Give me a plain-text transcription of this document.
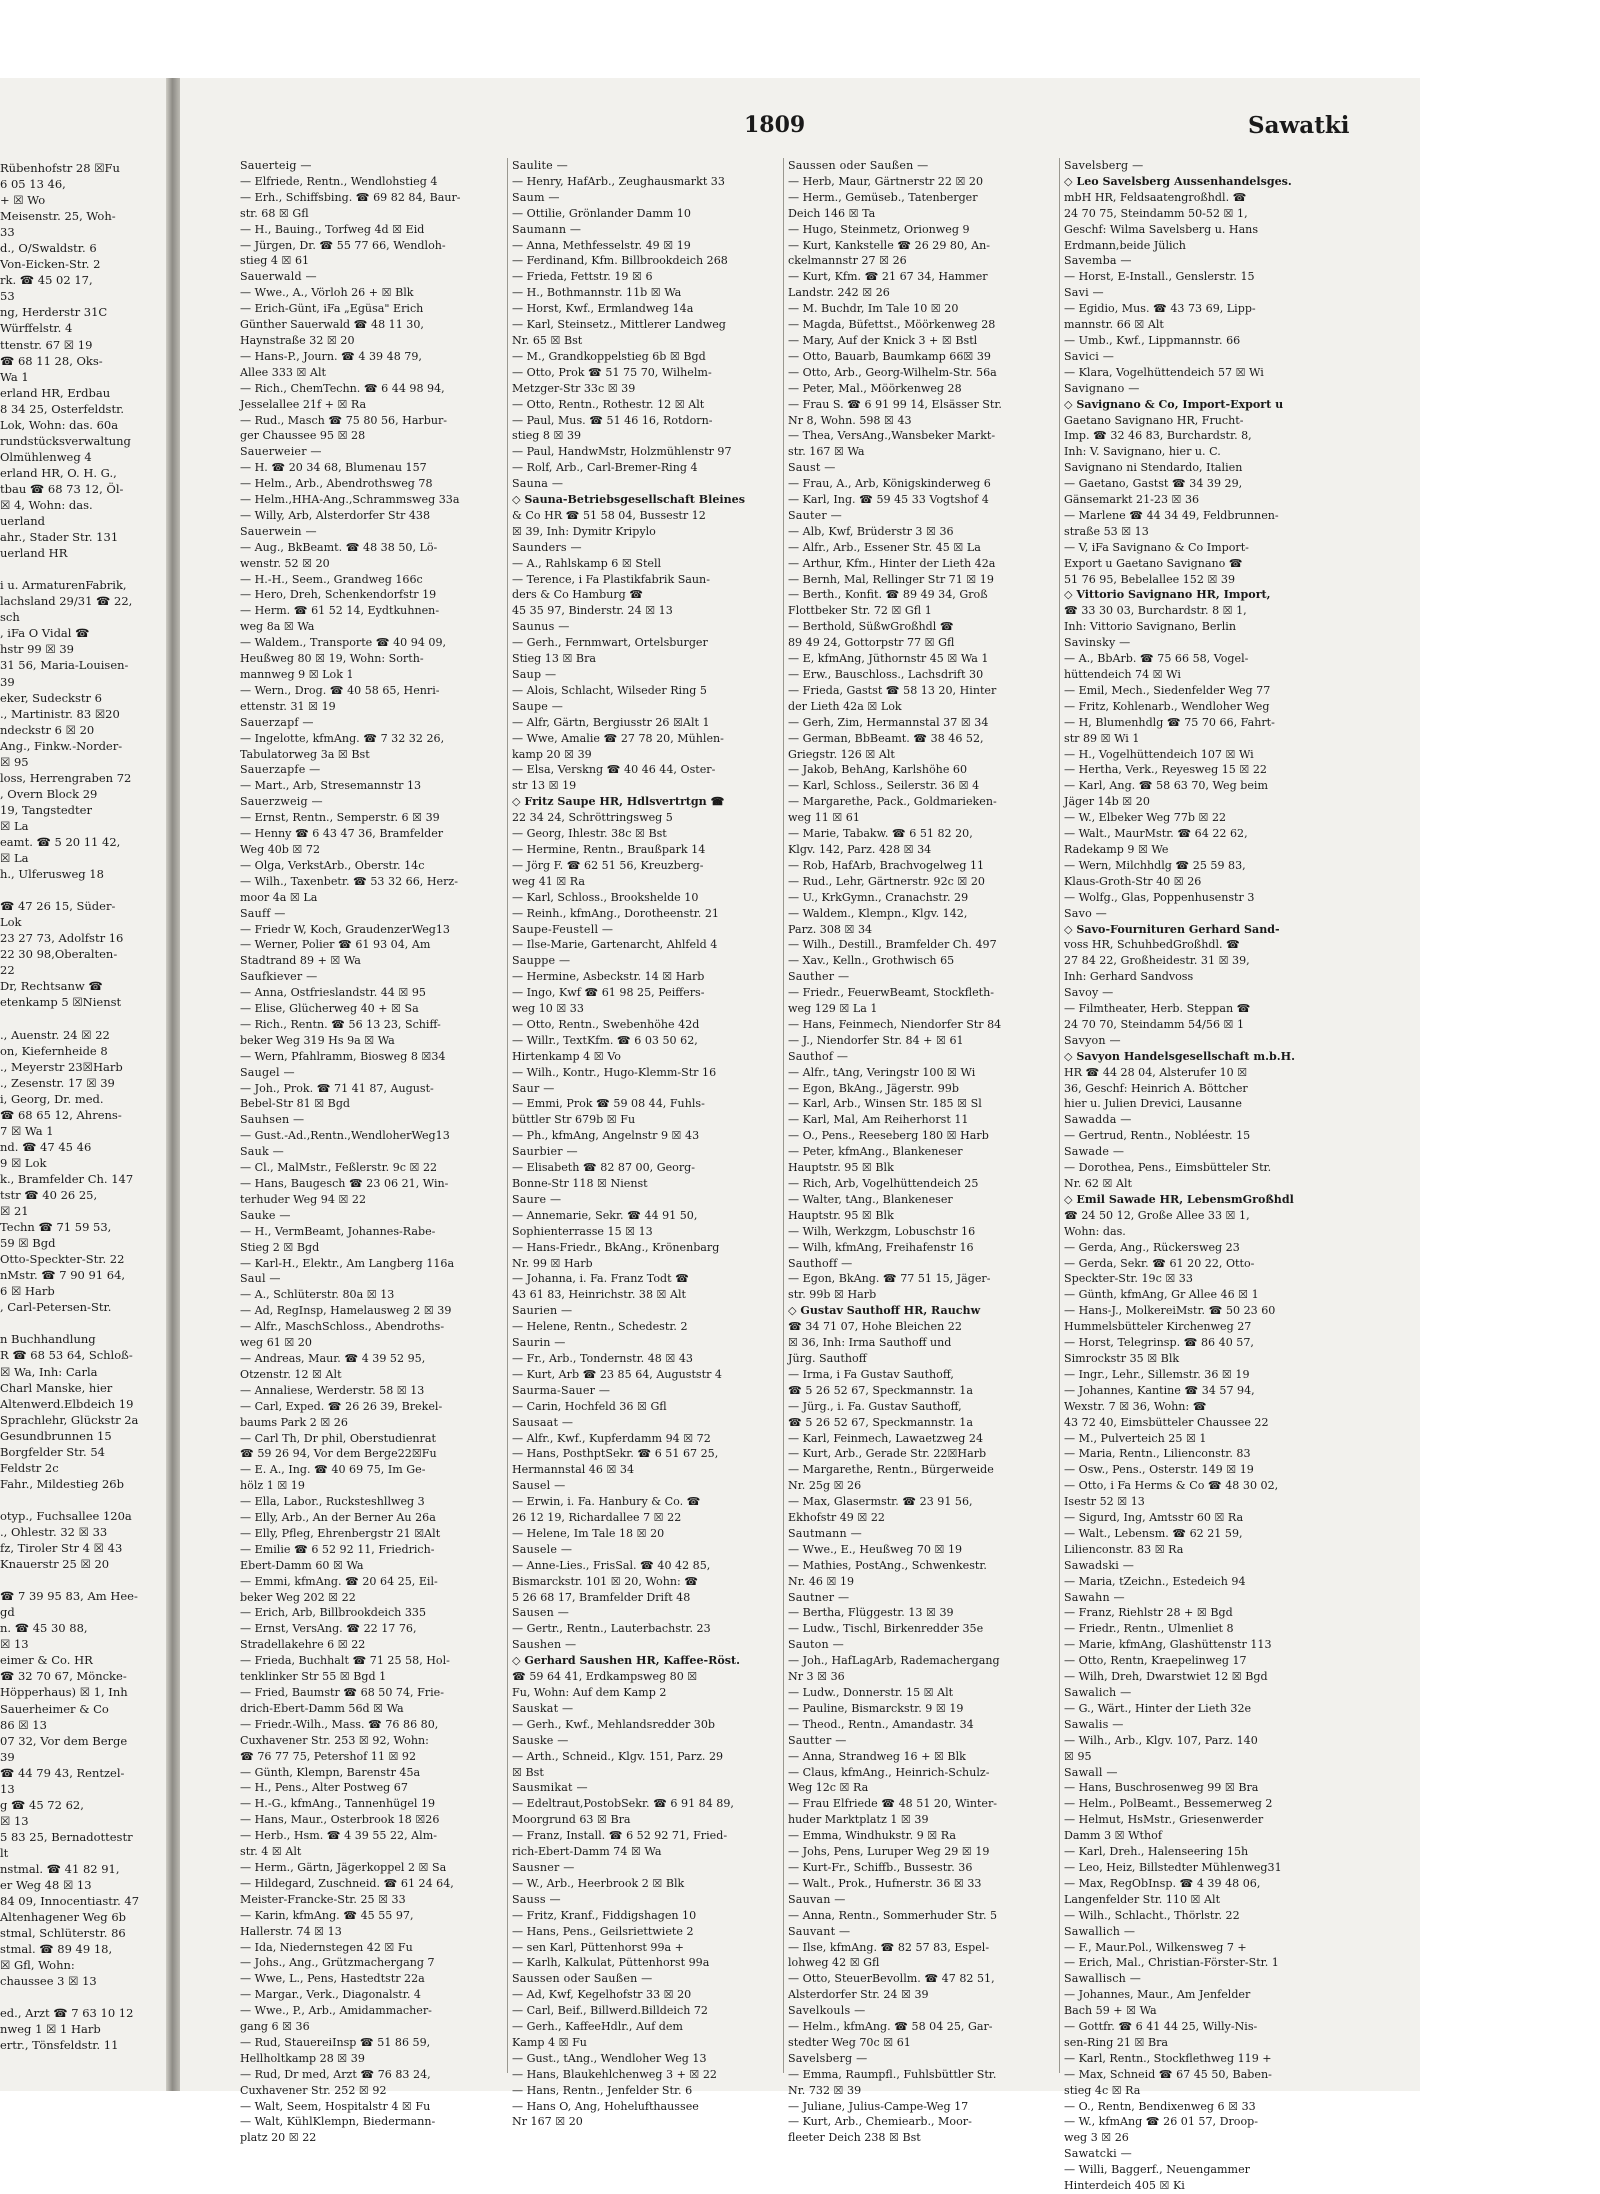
Rübenhofstr 28 ☒Fu
6 05 13 46,
+ ☒ Wo
Meisenstr. 25, Woh-
33
d., O/Swaldstr. 6
Von-Eicken-Str. 2
rk. ☎ 45 02 17,
53
ng, Herderstr 31C
Würffelstr. 4
ttenstr. 67 ☒ 19
☎ 68 11 28, Oks-
Wa 1
erland HR, Erdbau
8 34 25, Osterfeldstr.
Lok, Wohn: das. 60a
rundstücksverwaltung
Olmühlenweg 4
erland HR, O. H. G.,
tbau ☎ 68 73 12, Öl-
☒ 4, Wohn: das.
uerland
ahr., Stader Str. 131
uerland HR

i u. ArmaturenFabrik,
lachsland 29/31 ☎ 22,
sch
, iFa O Vidal ☎
hstr 99 ☒ 39
31 56, Maria-Louisen-
39
eker, Sudeckstr 6
., Martinistr. 83 ☒20
ndeckstr 6 ☒ 20
Ang., Finkw.-Norder-
☒ 95
loss, Herrengraben 72
, Overn Block 29
19, Tangstedter
☒ La
eamt. ☎ 5 20 11 42,
☒ La
h., Ulferusweg 18

☎ 47 26 15, Süder-
Lok
23 27 73, Adolfstr 16
22 30 98,Oberalten-
22
Dr, Rechtsanw ☎
etenkamp 5 ☒Nienst

., Auenstr. 24 ☒ 22
on, Kiefernheide 8
., Meyerstr 23☒Harb
., Zesenstr. 17 ☒ 39
i, Georg, Dr. med.
☎ 68 65 12, Ahrens-
7 ☒ Wa 1
nd. ☎ 47 45 46
9 ☒ Lok
k., Bramfelder Ch. 147
tstr ☎ 40 26 25,
☒ 21
Techn ☎ 71 59 53,
59 ☒ Bgd
Otto-Speckter-Str. 22
nMstr. ☎ 7 90 91 64,
6 ☒ Harb
, Carl-Petersen-Str.

n Buchhandlung
R ☎ 68 53 64, Schloß-
☒ Wa, Inh: Carla
Charl Manske, hier
Altenwerd.Elbdeich 19
Sprachlehr, Glückstr 2a
Gesundbrunnen 15
Borgfelder Str. 54
Feldstr 2c
Fahr., Mildestieg 26b

otyp., Fuchsallee 120a
., Ohlestr. 32 ☒ 33
fz, Tiroler Str 4 ☒ 43
Knauerstr 25 ☒ 20

☎ 7 39 95 83, Am Hee-
gd
n. ☎ 45 30 88,
☒ 13
eimer & Co. HR
☎ 32 70 67, Möncke-
Höpperhaus) ☒ 1, Inh
Sauerheimer & Co
86 ☒ 13
07 32, Vor dem Berge
39
☎ 44 79 43, Rentzel-
13
g ☎ 45 72 62,
☒ 13
5 83 25, Bernadottestr
lt
nstmal. ☎ 41 82 91,
er Weg 48 ☒ 13
84 09, Innocentiastr. 47
Altenhagener Weg 6b
stmal, Schlüterstr. 86
stmal. ☎ 89 49 18,
☒ Gfl, Wohn:
chaussee 3 ☒ 13

ed., Arzt ☎ 7 63 10 12
nweg 1 ☒ 1 Harb
ertr., Tönsfeldstr. 11
1809	Sawatki
Sauerteig —
— Elfriede, Rentn., Wendlohstieg 4
— Erh., Schiffsbing. ☎ 69 82 84, Baur-
str. 68 ☒ Gfl
— H., Bauing., Torfweg 4d ☒ Eid
— Jürgen, Dr. ☎ 55 77 66, Wendloh-
stieg 4 ☒ 61
Sauerwald —
— Wwe., A., Vörloh 26 + ☒ Blk
— Erich-Günt, iFa „Egüsa" Erich
Günther Sauerwald ☎ 48 11 30,
Haynstraße 32 ☒ 20
— Hans-P., Journ. ☎ 4 39 48 79,
Allee 333 ☒ Alt
— Rich., ChemTechn. ☎ 6 44 98 94,
Jesselallee 21f + ☒ Ra
— Rud., Masch ☎ 75 80 56, Harbur-
ger Chaussee 95 ☒ 28
Sauerweier —
— H. ☎ 20 34 68, Blumenau 157
— Helm., Arb., Abendrothsweg 78
— Helm.,HHA-Ang.,Schrammsweg 33a
— Willy, Arb, Alsterdorfer Str 438
Sauerwein —
— Aug., BkBeamt. ☎ 48 38 50, Lö-
wenstr. 52 ☒ 20
— H.-H., Seem., Grandweg 166c
— Hero, Dreh, Schenkendorfstr 19
— Herm. ☎ 61 52 14, Eydtkuhnen-
weg 8a ☒ Wa
— Waldem., Transporte ☎ 40 94 09,
Heußweg 80 ☒ 19, Wohn: Sorth-
mannweg 9 ☒ Lok 1
— Wern., Drog. ☎ 40 58 65, Henri-
ettenstr. 31 ☒ 19
Sauerzapf —
— Ingelotte, kfmAng. ☎ 7 32 32 26,
Tabulatorweg 3a ☒ Bst
Sauerzapfe —
— Mart., Arb, Stresemannstr 13
Sauerzweig —
— Ernst, Rentn., Semperstr. 6 ☒ 39
— Henny ☎ 6 43 47 36, Bramfelder
Weg 40b ☒ 72
— Olga, VerkstArb., Oberstr. 14c
— Wilh., Taxenbetr. ☎ 53 32 66, Herz-
moor 4a ☒ La
Sauff —
— Friedr W, Koch, GraudenzerWeg13
— Werner, Polier ☎ 61 93 04, Am
Stadtrand 89 + ☒ Wa
Saufkiever —
— Anna, Ostfrieslandstr. 44 ☒ 95
— Elise, Glücherweg 40 + ☒ Sa
— Rich., Rentn. ☎ 56 13 23, Schiff-
beker Weg 319 Hs 9a ☒ Wa
— Wern, Pfahlramm, Biosweg 8 ☒34
Saugel —
— Joh., Prok. ☎ 71 41 87, August-
Bebel-Str 81 ☒ Bgd
Sauhsen —
— Gust.-Ad.,Rentn.,WendloherWeg13
Sauk —
— Cl., MalMstr., Feßlerstr. 9c ☒ 22
— Hans, Baugesch ☎ 23 06 21, Win-
terhuder Weg 94 ☒ 22
Sauke —
— H., VermBeamt, Johannes-Rabe-
Stieg 2 ☒ Bgd
— Karl-H., Elektr., Am Langberg 116a
Saul —
— A., Schlüterstr. 80a ☒ 13
— Ad, RegInsp, Hamelausweg 2 ☒ 39
— Alfr., MaschSchloss., Abendroths-
weg 61 ☒ 20
— Andreas, Maur. ☎ 4 39 52 95,
Otzenstr. 12 ☒ Alt
— Annaliese, Werderstr. 58 ☒ 13
— Carl, Exped. ☎ 26 26 39, Brekel-
baums Park 2 ☒ 26
— Carl Th, Dr phil, Oberstudienrat
☎ 59 26 94, Vor dem Berge22☒Fu
— E. A., Ing. ☎ 40 69 75, Im Ge-
hölz 1 ☒ 19
— Ella, Labor., Rucksteshllweg 3
— Elly, Arb., An der Berner Au 26a
— Elly, Pfleg, Ehrenbergstr 21 ☒Alt
— Emilie ☎ 6 52 92 11, Friedrich-
Ebert-Damm 60 ☒ Wa
— Emmi, kfmAng. ☎ 20 64 25, Eil-
beker Weg 202 ☒ 22
— Erich, Arb, Billbrookdeich 335
— Ernst, VersAng. ☎ 22 17 76,
Stradellakehre 6 ☒ 22
— Frieda, Buchhalt ☎ 71 25 58, Hol-
tenklinker Str 55 ☒ Bgd 1
— Fried, Baumstr ☎ 68 50 74, Frie-
drich-Ebert-Damm 56d ☒ Wa
— Friedr.-Wilh., Mass. ☎ 76 86 80,
Cuxhavener Str. 253 ☒ 92, Wohn:
☎ 76 77 75, Petershof 11 ☒ 92
— Günth, Klempn, Barenstr 45a
— H., Pens., Alter Postweg 67
— H.-G., kfmAng., Tannenhügel 19
— Hans, Maur., Osterbrook 18 ☒26
— Herb., Hsm. ☎ 4 39 55 22, Alm-
str. 4 ☒ Alt
— Herm., Gärtn, Jägerkoppel 2 ☒ Sa
— Hildegard, Zuschneid. ☎ 61 24 64,
Meister-Francke-Str. 25 ☒ 33
— Karin, kfmAng. ☎ 45 55 97,
Hallerstr. 74 ☒ 13
— Ida, Niedernstegen 42 ☒ Fu
— Johs., Ang., Grützmachergang 7
— Wwe, L., Pens, Hastedtstr 22a
— Margar., Verk., Diagonalstr. 4
— Wwe., P., Arb., Amidammacher-
gang 6 ☒ 36
— Rud, StauereiInsp ☎ 51 86 59,
Hellholtkamp 28 ☒ 39
— Rud, Dr med, Arzt ☎ 76 83 24,
Cuxhavener Str. 252 ☒ 92
— Walt, Seem, Hospitalstr 4 ☒ Fu
— Walt, KühlKlempn, Biedermann-
platz 20 ☒ 22
Saulite —
— Henry, HafArb., Zeughausmarkt 33
Saum —
— Ottilie, Grönlander Damm 10
Saumann —
— Anna, Methfesselstr. 49 ☒ 19
— Ferdinand, Kfm. Billbrookdeich 268
— Frieda, Fettstr. 19 ☒ 6
— H., Bothmannstr. 11b ☒ Wa
— Horst, Kwf., Ermlandweg 14a
— Karl, Steinsetz., Mittlerer Landweg
Nr. 65 ☒ Bst
— M., Grandkoppelstieg 6b ☒ Bgd
— Otto, Prok ☎ 51 75 70, Wilhelm-
Metzger-Str 33c ☒ 39
— Otto, Rentn., Rothestr. 12 ☒ Alt
— Paul, Mus. ☎ 51 46 16, Rotdorn-
stieg 8 ☒ 39
— Paul, HandwMstr, Holzmühlenstr 97
— Rolf, Arb., Carl-Bremer-Ring 4
Sauna —
◇ Sauna-Betriebsgesellschaft Bleines
& Co HR ☎ 51 58 04, Bussestr 12
☒ 39, Inh: Dymitr Kripylo
Saunders —
— A., Rahlskamp 6 ☒ Stell
— Terence, i Fa Plastikfabrik Saun-
ders & Co Hamburg ☎
45 35 97, Binderstr. 24 ☒ 13
Saunus —
— Gerh., Fernmwart, Ortelsburger
Stieg 13 ☒ Bra
Saup —
— Alois, Schlacht, Wilseder Ring 5
Saupe —
— Alfr, Gärtn, Bergiusstr 26 ☒Alt 1
— Wwe, Amalie ☎ 27 78 20, Mühlen-
kamp 20 ☒ 39
— Elsa, Verskng ☎ 40 46 44, Oster-
str 13 ☒ 19
◇ Fritz Saupe HR, Hdlsvertrtgn ☎
22 34 24, Schröttringsweg 5
— Georg, Ihlestr. 38c ☒ Bst
— Hermine, Rentn., Braußpark 14
— Jörg F. ☎ 62 51 56, Kreuzberg-
weg 41 ☒ Ra
— Karl, Schloss., Brookshelde 10
— Reinh., kfmAng., Dorotheenstr. 21
Saupe-Feustell —
— Ilse-Marie, Gartenarcht, Ahlfeld 4
Sauppe —
— Hermine, Asbeckstr. 14 ☒ Harb
— Ingo, Kwf ☎ 61 98 25, Peiffers-
weg 10 ☒ 33
— Otto, Rentn., Swebenhöhe 42d
— Willr., TextKfm. ☎ 6 03 50 62,
Hirtenkamp 4 ☒ Vo
— Wilh., Kontr., Hugo-Klemm-Str 16
Saur —
— Emmi, Prok ☎ 59 08 44, Fuhls-
büttler Str 679b ☒ Fu
— Ph., kfmAng, Angelnstr 9 ☒ 43
Saurbier —
— Elisabeth ☎ 82 87 00, Georg-
Bonne-Str 118 ☒ Nienst
Saure —
— Annemarie, Sekr. ☎ 44 91 50,
Sophienterrasse 15 ☒ 13
— Hans-Friedr., BkAng., Krönenbarg
Nr. 99 ☒ Harb
— Johanna, i. Fa. Franz Todt ☎
43 61 83, Heinrichstr. 38 ☒ Alt
Saurien —
— Helene, Rentn., Schedestr. 2
Saurin —
— Fr., Arb., Tondernstr. 48 ☒ 43
— Kurt, Arb ☎ 23 85 64, Auguststr 4
Saurma-Sauer —
— Carin, Hochfeld 36 ☒ Gfl
Sausaat —
— Alfr., Kwf., Kupferdamm 94 ☒ 72
— Hans, PosthptSekr. ☎ 6 51 67 25,
Hermannstal 46 ☒ 34
Sausel —
— Erwin, i. Fa. Hanbury & Co. ☎
26 12 19, Richardallee 7 ☒ 22
— Helene, Im Tale 18 ☒ 20
Sausele —
— Anne-Lies., FrisSal. ☎ 40 42 85,
Bismarckstr. 101 ☒ 20, Wohn: ☎
5 26 68 17, Bramfelder Drift 48
Sausen —
— Gertr., Rentn., Lauterbachstr. 23
Saushen —
◇ Gerhard Saushen HR, Kaffee-Röst.
☎ 59 64 41, Erdkampsweg 80 ☒
Fu, Wohn: Auf dem Kamp 2
Sauskat —
— Gerh., Kwf., Mehlandsredder 30b
Sauske —
— Arth., Schneid., Klgv. 151, Parz. 29
☒ Bst
Sausmikat —
— Edeltraut,PostobSekr. ☎ 6 91 84 89,
Moorgrund 63 ☒ Bra
— Franz, Install. ☎ 6 52 92 71, Fried-
rich-Ebert-Damm 74 ☒ Wa
Sausner —
— W., Arb., Heerbrook 2 ☒ Blk
Sauss —
— Fritz, Kranf., Fiddigshagen 10
— Hans, Pens., Geilsriettwiete 2
— sen Karl, Püttenhorst 99a +
— Karlh, Kalkulat, Püttenhorst 99a
Saussen oder Saußen —
— Ad, Kwf, Kegelhofstr 33 ☒ 20
— Carl, Beif., Billwerd.Billdeich 72
— Gerh., KaffeeHdlr., Auf dem
Kamp 4 ☒ Fu
— Gust., tAng., Wendloher Weg 13
— Hans, Blaukehlchenweg 3 + ☒ 22
— Hans, Rentn., Jenfelder Str. 6
— Hans O, Ang, Hohelufthaussee
Nr 167 ☒ 20
Saussen oder Saußen —
— Herb, Maur, Gärtnerstr 22 ☒ 20
— Herm., Gemüseb., Tatenberger
Deich 146 ☒ Ta
— Hugo, Steinmetz, Orionweg 9
— Kurt, Kankstelle ☎ 26 29 80, An-
ckelmannstr 27 ☒ 26
— Kurt, Kfm. ☎ 21 67 34, Hammer
Landstr. 242 ☒ 26
— M. Buchdr, Im Tale 10 ☒ 20
— Magda, Büfettst., Möörkenweg 28
— Mary, Auf der Knick 3 + ☒ Bstl
— Otto, Bauarb, Baumkamp 66☒ 39
— Otto, Arb., Georg-Wilhelm-Str. 56a
— Peter, Mal., Möörkenweg 28
— Frau S. ☎ 6 91 99 14, Elsässer Str.
Nr 8, Wohn. 598 ☒ 43
— Thea, VersAng.,Wansbeker Markt-
str. 167 ☒ Wa
Saust —
— Frau, A., Arb, Königskinderweg 6
— Karl, Ing. ☎ 59 45 33 Vogtshof 4
Sauter —
— Alb, Kwf, Brüderstr 3 ☒ 36
— Alfr., Arb., Essener Str. 45 ☒ La
— Arthur, Kfm., Hinter der Lieth 42a
— Bernh, Mal, Rellinger Str 71 ☒ 19
— Berth., Konfit. ☎ 89 49 34, Groß
Flottbeker Str. 72 ☒ Gfl 1
— Berthold, SüßwGroßhdl ☎
89 49 24, Gottorpstr 77 ☒ Gfl
— E, kfmAng, Jüthornstr 45 ☒ Wa 1
— Erw., Bauschloss., Lachsdrift 30
— Frieda, Gastst ☎ 58 13 20, Hinter
der Lieth 42a ☒ Lok
— Gerh, Zim, Hermannstal 37 ☒ 34
— German, BbBeamt. ☎ 38 46 52,
Griegstr. 126 ☒ Alt
— Jakob, BehAng, Karlshöhe 60
— Karl, Schloss., Seilerstr. 36 ☒ 4
— Margarethe, Pack., Goldmarieken-
weg 11 ☒ 61
— Marie, Tabakw. ☎ 6 51 82 20,
Klgv. 142, Parz. 428 ☒ 34
— Rob, HafArb, Brachvogelweg 11
— Rud., Lehr, Gärtnerstr. 92c ☒ 20
— U., KrkGymn., Cranachstr. 29
— Waldem., Klempn., Klgv. 142,
Parz. 308 ☒ 34
— Wilh., Destill., Bramfelder Ch. 497
— Xav., Kelln., Grothwisch 65
Sauther —
— Friedr., FeuerwBeamt, Stockfleth-
weg 129 ☒ La 1
— Hans, Feinmech, Niendorfer Str 84
— J., Niendorfer Str. 84 + ☒ 61
Sauthof —
— Alfr., tAng, Veringstr 100 ☒ Wi
— Egon, BkAng., Jägerstr. 99b
— Karl, Arb., Winsen Str. 185 ☒ Sl
— Karl, Mal, Am Reiherhorst 11
— O., Pens., Reeseberg 180 ☒ Harb
— Peter, kfmAng., Blankeneser
Hauptstr. 95 ☒ Blk
— Rich, Arb, Vogelhüttendeich 25
— Walter, tAng., Blankeneser
Hauptstr. 95 ☒ Blk
— Wilh, Werkzgm, Lobuschstr 16
— Wilh, kfmAng, Freihafenstr 16
Sauthoff —
— Egon, BkAng. ☎ 77 51 15, Jäger-
str. 99b ☒ Harb
◇ Gustav Sauthoff HR, Rauchw
☎ 34 71 07, Hohe Bleichen 22
☒ 36, Inh: Irma Sauthoff und
Jürg. Sauthoff
— Irma, i Fa Gustav Sauthoff,
☎ 5 26 52 67, Speckmannstr. 1a
— Jürg., i. Fa. Gustav Sauthoff,
☎ 5 26 52 67, Speckmannstr. 1a
— Karl, Feinmech, Lawaetzweg 24
— Kurt, Arb., Gerade Str. 22☒Harb
— Margarethe, Rentn., Bürgerweide
Nr. 25g ☒ 26
— Max, Glasermstr. ☎ 23 91 56,
Ekhofstr 49 ☒ 22
Sautmann —
— Wwe., E., Heußweg 70 ☒ 19
— Mathies, PostAng., Schwenkestr.
Nr. 46 ☒ 19
Sautner —
— Bertha, Flüggestr. 13 ☒ 39
— Ludw., Tischl, Birkenredder 35e
Sauton —
— Joh., HafLagArb, Rademachergang
Nr 3 ☒ 36
— Ludw., Donnerstr. 15 ☒ Alt
— Pauline, Bismarckstr. 9 ☒ 19
— Theod., Rentn., Amandastr. 34
Sautter —
— Anna, Strandweg 16 + ☒ Blk
— Claus, kfmAng., Heinrich-Schulz-
Weg 12c ☒ Ra
— Frau Elfriede ☎ 48 51 20, Winter-
huder Marktplatz 1 ☒ 39
— Emma, Windhukstr. 9 ☒ Ra
— Johs, Pens, Luruper Weg 29 ☒ 19
— Kurt-Fr., Schiffb., Bussestr. 36
— Walt., Prok., Hufnerstr. 36 ☒ 33
Sauvan —
— Anna, Rentn., Sommerhuder Str. 5
Sauvant —
— Ilse, kfmAng. ☎ 82 57 83, Espel-
lohweg 42 ☒ Gfl
— Otto, SteuerBevollm. ☎ 47 82 51,
Alsterdorfer Str. 24 ☒ 39
Savelkouls —
— Helm., kfmAng. ☎ 58 04 25, Gar-
stedter Weg 70c ☒ 61
Savelsberg —
— Emma, Raumpfl., Fuhlsbüttler Str.
Nr. 732 ☒ 39
— Juliane, Julius-Campe-Weg 17
— Kurt, Arb., Chemiearb., Moor-
fleeter Deich 238 ☒ Bst
Savelsberg —
◇ Leo Savelsberg Aussenhandelsges.
mbH HR, Feldsaatengroßhdl. ☎
24 70 75, Steindamm 50-52 ☒ 1,
Geschf: Wilma Savelsberg u. Hans
Erdmann,beide Jülich
Savemba —
— Horst, E-Install., Genslerstr. 15
Savi —
— Egidio, Mus. ☎ 43 73 69, Lipp-
mannstr. 66 ☒ Alt
— Umb., Kwf., Lippmannstr. 66
Savici —
— Klara, Vogelhüttendeich 57 ☒ Wi
Savignano —
◇ Savignano & Co, Import-Export u
Gaetano Savignano HR, Frucht-
Imp. ☎ 32 46 83, Burchardstr. 8,
Inh: V. Savignano, hier u. C.
Savignano ni Stendardo, Italien
— Gaetano, Gastst ☎ 34 39 29,
Gänsemarkt 21-23 ☒ 36
— Marlene ☎ 44 34 49, Feldbrunnen-
straße 53 ☒ 13
— V, iFa Savignano & Co Import-
Export u Gaetano Savignano ☎
51 76 95, Bebelallee 152 ☒ 39
◇ Vittorio Savignano HR, Import,
☎ 33 30 03, Burchardstr. 8 ☒ 1,
Inh: Vittorio Savignano, Berlin
Savinsky —
— A., BbArb. ☎ 75 66 58, Vogel-
hüttendeich 74 ☒ Wi
— Emil, Mech., Siedenfelder Weg 77
— Fritz, Kohlenarb., Wendloher Weg
— H, Blumenhdlg ☎ 75 70 66, Fahrt-
str 89 ☒ Wi 1
— H., Vogelhüttendeich 107 ☒ Wi
— Hertha, Verk., Reyesweg 15 ☒ 22
— Karl, Ang. ☎ 58 63 70, Weg beim
Jäger 14b ☒ 20
— W., Elbeker Weg 77b ☒ 22
— Walt., MaurMstr. ☎ 64 22 62,
Radekamp 9 ☒ We
— Wern, Milchhdlg ☎ 25 59 83,
Klaus-Groth-Str 40 ☒ 26
— Wolfg., Glas, Poppenhusenstr 3
Savo —
◇ Savo-Fournituren Gerhard Sand-
voss HR, SchuhbedGroßhdl. ☎
27 84 22, Großheidestr. 31 ☒ 39,
Inh: Gerhard Sandvoss
Savoy —
— Filmtheater, Herb. Steppan ☎
24 70 70, Steindamm 54/56 ☒ 1
Savyon —
◇ Savyon Handelsgesellschaft m.b.H.
HR ☎ 44 28 04, Alsterufer 10 ☒
36, Geschf: Heinrich A. Böttcher
hier u. Julien Drevici, Lausanne
Sawadda —
— Gertrud, Rentn., Nobléestr. 15
Sawade —
— Dorothea, Pens., Eimsbütteler Str.
Nr. 62 ☒ Alt
◇ Emil Sawade HR, LebensmGroßhdl
☎ 24 50 12, Große Allee 33 ☒ 1,
Wohn: das.
— Gerda, Ang., Rückersweg 23
— Gerda, Sekr. ☎ 61 20 22, Otto-
Speckter-Str. 19c ☒ 33
— Günth, kfmAng, Gr Allee 46 ☒ 1
— Hans-J., MolkereiMstr. ☎ 50 23 60
Hummelsbütteler Kirchenweg 27
— Horst, Telegrinsp. ☎ 86 40 57,
Simrockstr 35 ☒ Blk
— Ingr., Lehr., Sillemstr. 36 ☒ 19
— Johannes, Kantine ☎ 34 57 94,
Wexstr. 7 ☒ 36, Wohn: ☎
43 72 40, Eimsbütteler Chaussee 22
— M., Pulverteich 25 ☒ 1
— Maria, Rentn., Lilienconstr. 83
— Osw., Pens., Osterstr. 149 ☒ 19
— Otto, i Fa Herms & Co ☎ 48 30 02,
Isestr 52 ☒ 13
— Sigurd, Ing, Amtsstr 60 ☒ Ra
— Walt., Lebensm. ☎ 62 21 59,
Lilienconstr. 83 ☒ Ra
Sawadski —
— Maria, tZeichn., Estedeich 94
Sawahn —
— Franz, Riehlstr 28 + ☒ Bgd
— Friedr., Rentn., Ulmenliet 8
— Marie, kfmAng, Glashüttenstr 113
— Otto, Rentn, Kraepelinweg 17
— Wilh, Dreh, Dwarstwiet 12 ☒ Bgd
Sawalich —
— G., Wärt., Hinter der Lieth 32e
Sawalis —
— Wilh., Arb., Klgv. 107, Parz. 140
☒ 95
Sawall —
— Hans, Buschrosenweg 99 ☒ Bra
— Helm., PolBeamt., Bessemerweg 2
— Helmut, HsMstr., Griesenwerder
Damm 3 ☒ Wthof
— Karl, Dreh., Halenseering 15h
— Leo, Heiz, Billstedter Mühlenweg31
— Max, RegObInsp. ☎ 4 39 48 06,
Langenfelder Str. 110 ☒ Alt
— Wilh., Schlacht., Thörlstr. 22
Sawallich —
— F., Maur.Pol., Wilkensweg 7 +
— Erich, Mal., Christian-Förster-Str. 1
Sawallisch —
— Johannes, Maur., Am Jenfelder
Bach 59 + ☒ Wa
— Gottfr. ☎ 6 41 44 25, Willy-Nis-
sen-Ring 21 ☒ Bra
— Karl, Rentn., Stockflethweg 119 +
— Max, Schneid ☎ 67 45 50, Baben-
stieg 4c ☒ Ra
— O., Rentn, Bendixenweg 6 ☒ 33
— W., kfmAng ☎ 26 01 57, Droop-
weg 3 ☒ 26
Sawatcki —
— Willi, Baggerf., Neuengammer
Hinterdeich 405 ☒ Ki
